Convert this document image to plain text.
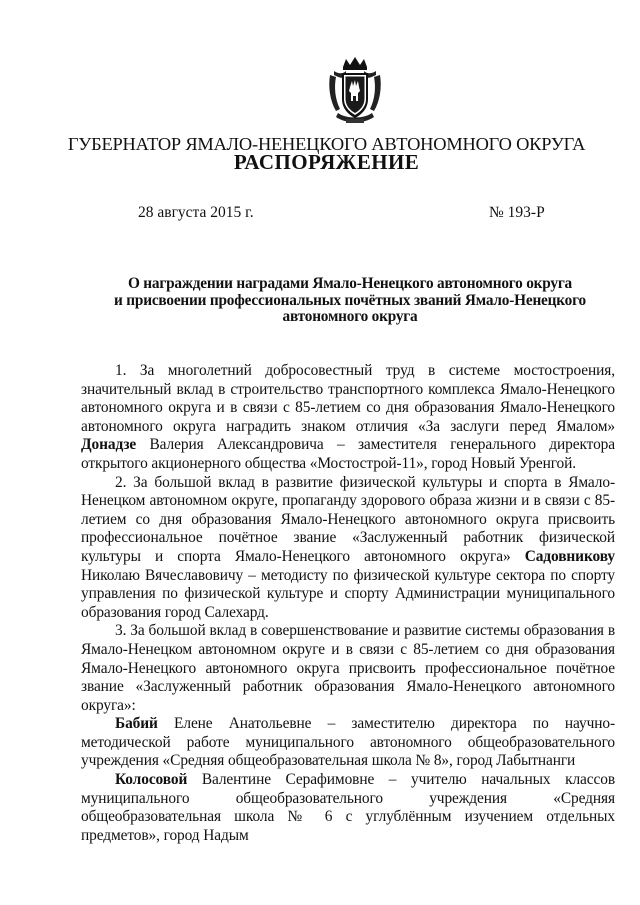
ГУБЕРНАТОР ЯМАЛО-НЕНЕЦКОГО АВТОНОМНОГО ОКРУГА
РАСПОРЯЖЕНИЕ
28 августа 2015 г.	№ 193-Р
О награждении наградами Ямало-Ненецкого автономного округа
и присвоении профессиональных почётных званий Ямало-Ненецкого
автономного округа

1. За многолетний добросовестный труд в системе мостостроения, значительный вклад в строительство транспортного комплекса Ямало-Ненецкого автономного округа и в связи с 85-летием со дня образования Ямало-Ненецкого автономного округа наградить знаком отличия «За заслуги перед Ямалом» Донадзе Валерия Александровича – заместителя генерального директора открытого акционерного общества «Мостострой-11», город Новый Уренгой.

2. За большой вклад в развитие физической культуры и спорта в Ямало-Ненецком автономном округе, пропаганду здорового образа жизни и в связи с 85-летием со дня образования Ямало-Ненецкого автономного округа присвоить профессиональное почётное звание «Заслуженный работник физической культуры и спорта Ямало-Ненецкого автономного округа» Садовникову Николаю Вячеславовичу – методисту по физической культуре сектора по спорту управления по физической культуре и спорту Администрации муниципального образования город Салехард.

3. За большой вклад в совершенствование и развитие системы образования в Ямало-Ненецком автономном округе и в связи с 85-летием со дня образования Ямало-Ненецкого автономного округа присвоить профессиональное почётное звание «Заслуженный работник образования Ямало-Ненецкого автономного округа»:

Бабий Елене Анатольевне – заместителю директора по научно-методической работе муниципального автономного общеобразовательного учреждения «Средняя общеобразовательная школа № 8», город Лабытнанги

Колосовой Валентине Серафимовне – учителю начальных классов муниципального общеобразовательного учреждения «Средняя общеобразовательная школа № 6 с углублённым изучением отдельных предметов», город Надым
